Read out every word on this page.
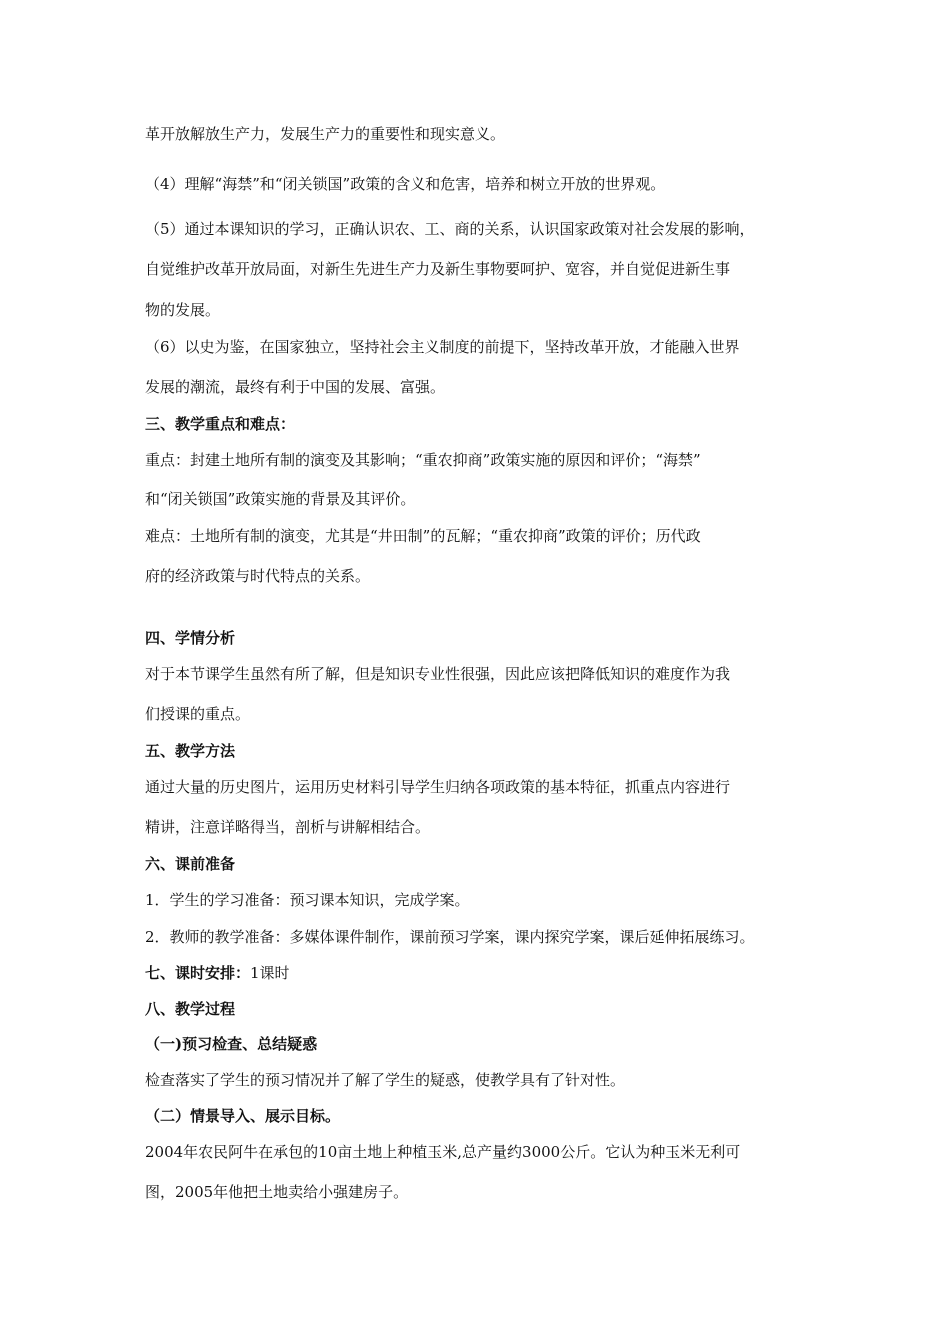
革开放解放生产力，发展生产力的重要性和现实意义。
（4）理解“海禁”和“闭关锁国”政策的含义和危害，培养和树立开放的世界观。
（5）通过本课知识的学习，正确认识农、工、商的关系，认识国家政策对社会发展的影响，
自觉维护改革开放局面，对新生先进生产力及新生事物要呵护、宽容，并自觉促进新生事
物的发展。
（6）以史为鉴，在国家独立，坚持社会主义制度的前提下，坚持改革开放，才能融入世界
发展的潮流，最终有利于中国的发展、富强。
三、教学重点和难点：
重点：封建土地所有制的演变及其影响；“重农抑商”政策实施的原因和评价；“海禁”
和“闭关锁国”政策实施的背景及其评价。
难点：土地所有制的演变，尤其是“井田制”的瓦解；“重农抑商”政策的评价；历代政
府的经济政策与时代特点的关系。
四、学情分析
对于本节课学生虽然有所了解，但是知识专业性很强，因此应该把降低知识的难度作为我
们授课的重点。
五、教学方法
通过大量的历史图片，运用历史材料引导学生归纳各项政策的基本特征，抓重点内容进行
精讲，注意详略得当，剖析与讲解相结合。
六、课前准备
1．学生的学习准备：预习课本知识，完成学案。
2．教师的教学准备：多媒体课件制作，课前预习学案，课内探究学案，课后延伸拓展练习。
七、课时安排：1课时
八、教学过程
（一)预习检查、总结疑惑
检查落实了学生的预习情况并了解了学生的疑惑，使教学具有了针对性。
（二）情景导入、展示目标。
2004年农民阿牛在承包的10亩土地上种植玉米,总产量约3000公斤。它认为种玉米无利可
图，2005年他把土地卖给小强建房子。
